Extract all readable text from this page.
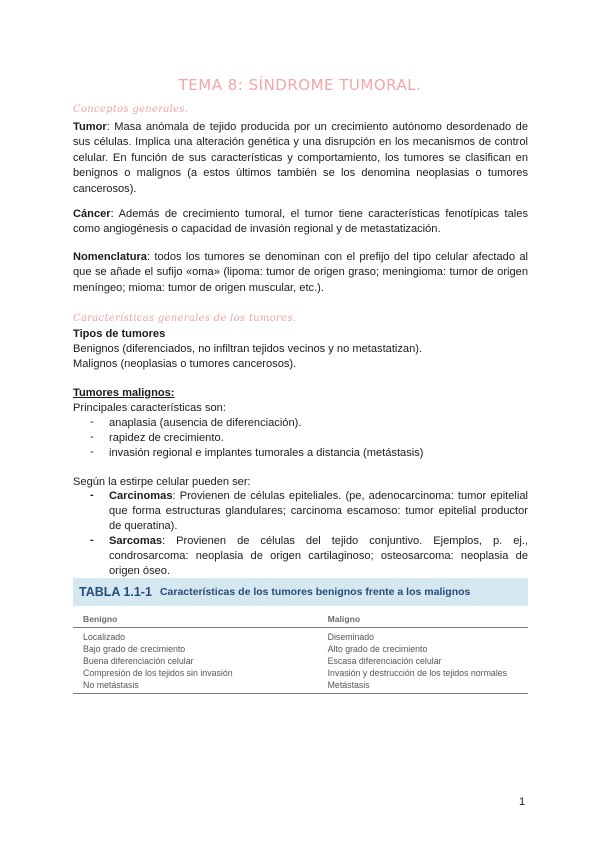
TEMA 8: SÍNDROME TUMORAL.
Conceptos generales.

Tumor: Masa anómala de tejido producida por un crecimiento autónomo desordenado de sus células. Implica una alteración genética y una disrupción en los mecanismos de control celular. En función de sus características y comportamiento, los tumores se clasifican en benignos o malignos (a estos últimos también se los denomina neoplasias o tumores cancerosos).

Cáncer: Además de crecimiento tumoral, el tumor tiene características fenotípicas tales como angiogénesis o capacidad de invasión regional y de metastatización.

Nomenclatura: todos los tumores se denominan con el prefijo del tipo celular afectado al que se añade el sufijo «oma» (lipoma: tumor de origen graso; meningioma: tumor de origen meníngeo; mioma: tumor de origen muscular, etc.).

Características generales de los tumores.
Tipos de tumores
Benignos (diferenciados, no infiltran tejidos vecinos y no metastatizan).
Malignos (neoplasias o tumores cancerosos).
Tumores malignos:
Principales características son:
- anaplasia (ausencia de diferenciación).
- rapidez de crecimiento.
- invasión regional e implantes tumorales a distancia (metástasis)
Según la estirpe celular pueden ser:
- Carcinomas: Provienen de células epiteliales. (pe, adenocarcinoma: tumor epitelial que forma estructuras glandulares; carcinoma escamoso: tumor epitelial productor de queratina).

- Sarcomas: Provienen de células del tejido conjuntivo. Ejemplos, p. ej., condrosarcoma: neoplasia de origen cartilaginoso; osteosarcoma: neoplasia de origen óseo.

TABLA 1.1-1 Características de los tumores benignos frente a los malignos
Benigno	Maligno
Localizado	Diseminado
Bajo grado de crecimiento	Alto grado de crecimiento
Buena diferenciación celular	Escasa diferenciación celular
Compresión de los tejidos sin invasión	Invasión y destrucción de los tejidos normales
No metástasis	Metástasis
1
